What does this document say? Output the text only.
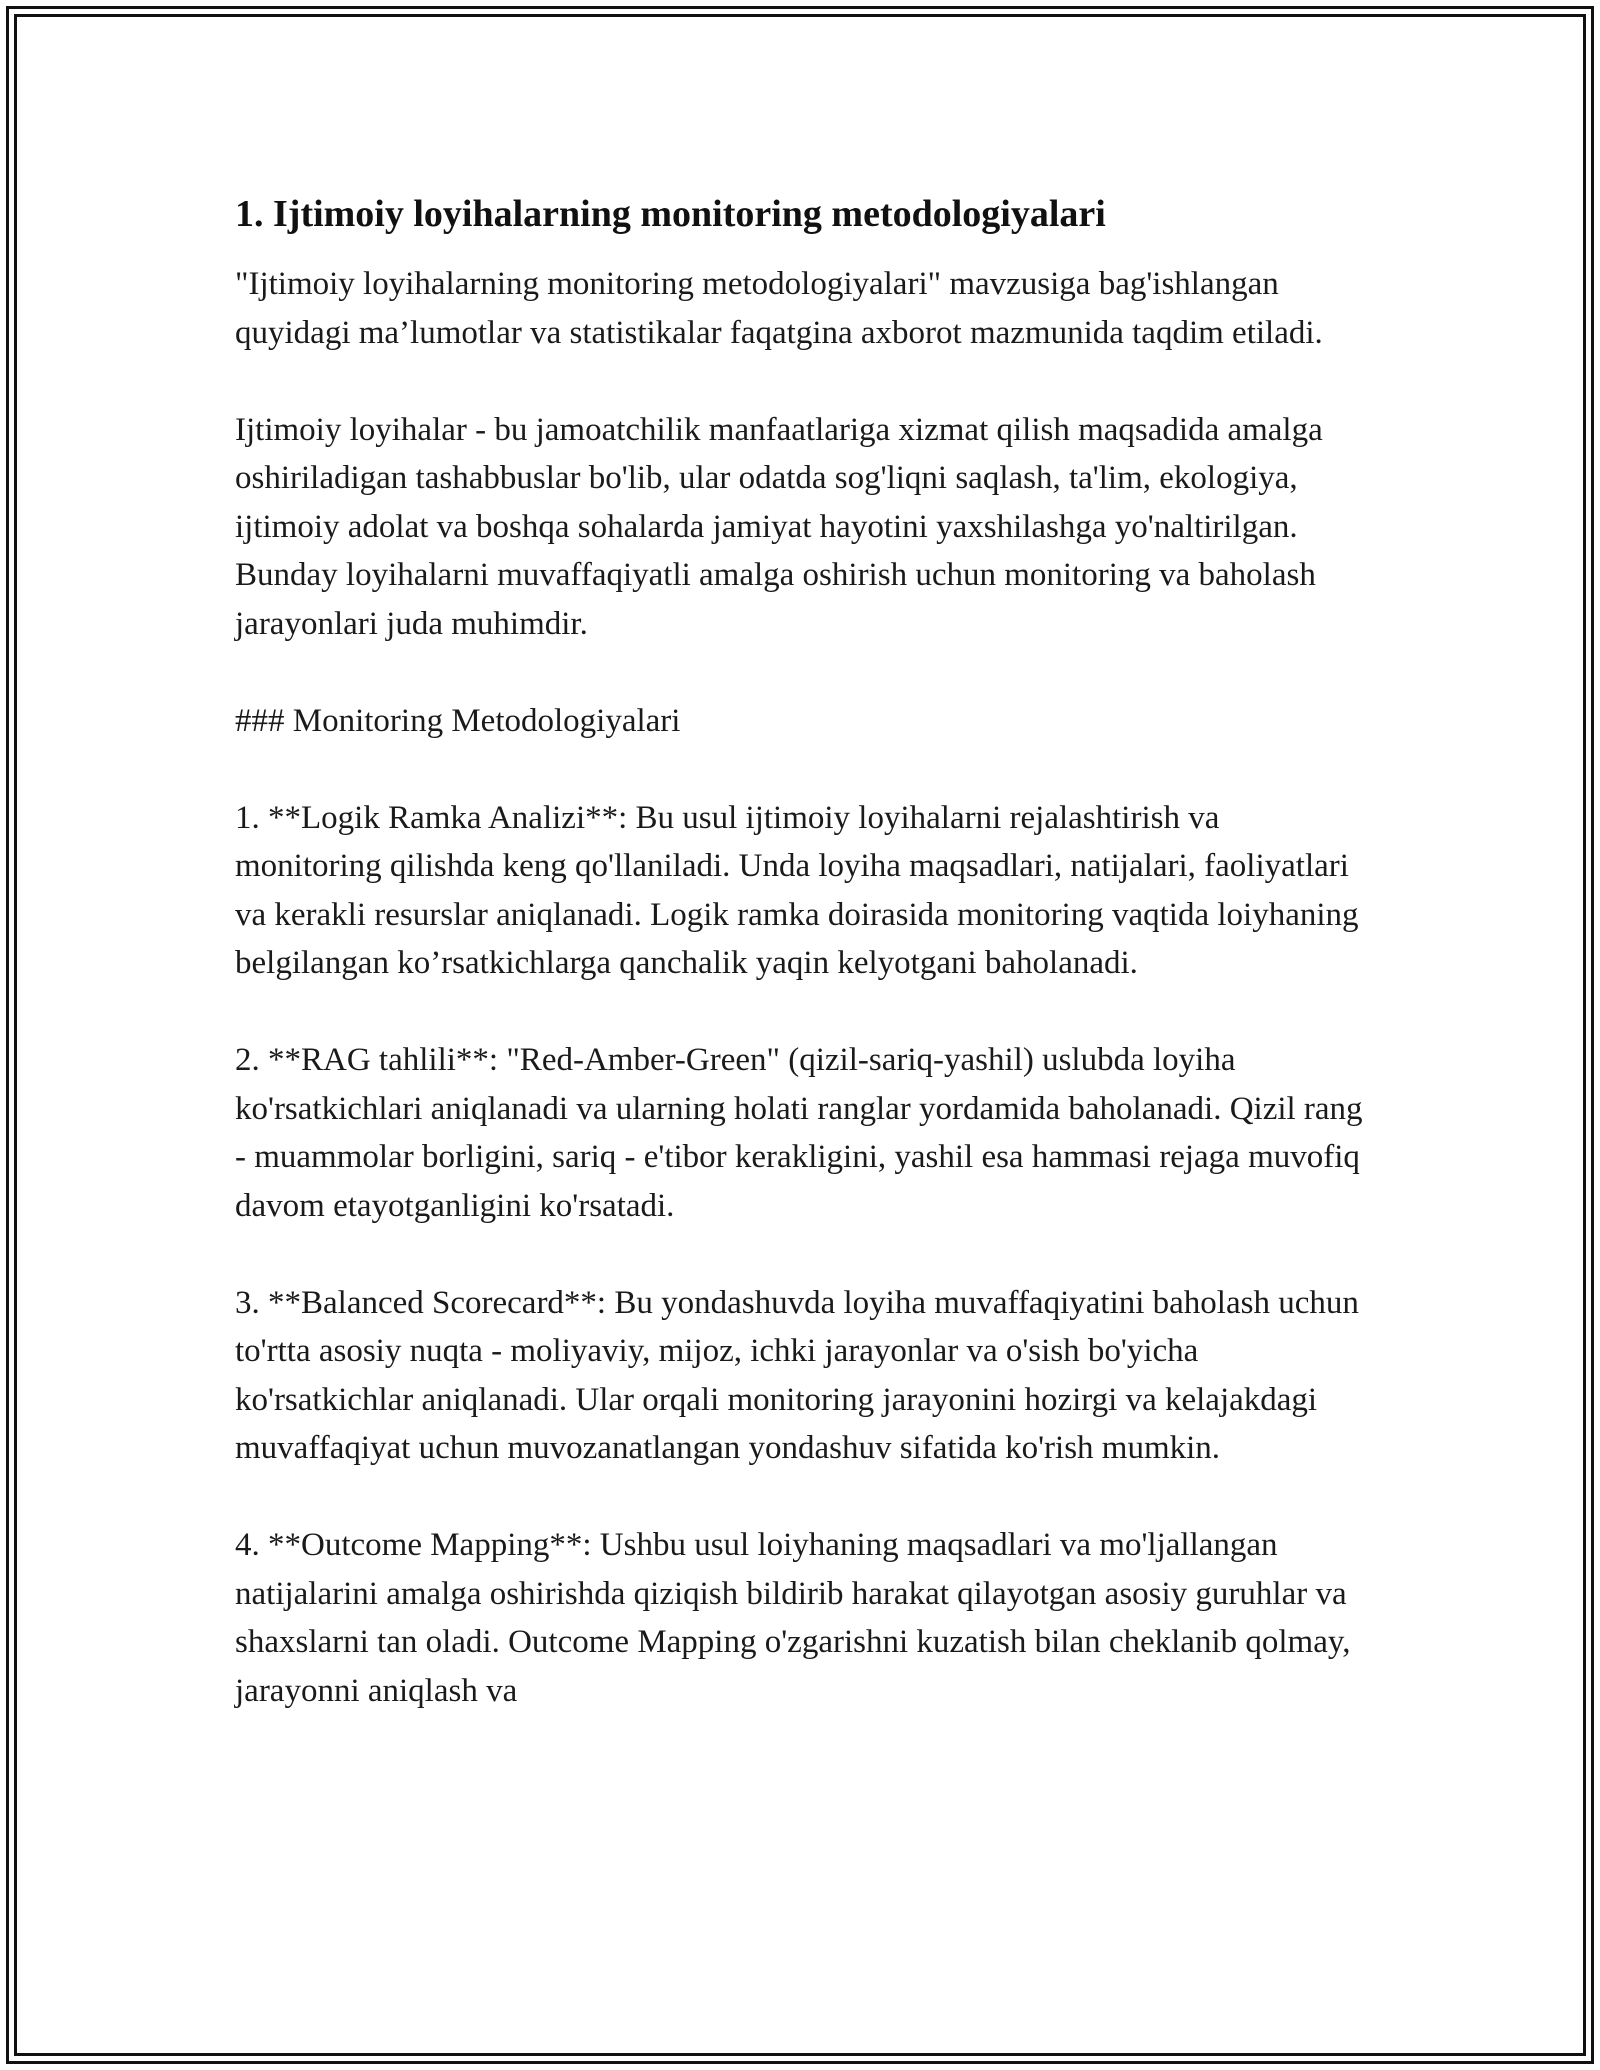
1. Ijtimoiy loyihalarning monitoring metodologiyalari

"Ijtimoiy loyihalarning monitoring metodologiyalari" mavzusiga bag'ishlangan quyidagi ma’lumotlar va statistikalar faqatgina axborot mazmunida taqdim etiladi.

Ijtimoiy loyihalar - bu jamoatchilik manfaatlariga xizmat qilish maqsadida amalga oshiriladigan tashabbuslar bo'lib, ular odatda sog'liqni saqlash, ta'lim, ekologiya, ijtimoiy adolat va boshqa sohalarda jamiyat hayotini yaxshilashga yo'naltirilgan. Bunday loyihalarni muvaffaqiyatli amalga oshirish uchun monitoring va baholash jarayonlari juda muhimdir.

### Monitoring Metodologiyalari

1. **Logik Ramka Analizi**: Bu usul ijtimoiy loyihalarni rejalashtirish va monitoring qilishda keng qo'llaniladi. Unda loyiha maqsadlari, natijalari, faoliyatlari va kerakli resurslar aniqlanadi. Logik ramka doirasida monitoring vaqtida loiyhaning belgilangan ko’rsatkichlarga qanchalik yaqin kelyotgani baholanadi.

2. **RAG tahlili**: "Red-Amber-Green" (qizil-sariq-yashil) uslubda loyiha ko'rsatkichlari aniqlanadi va ularning holati ranglar yordamida baholanadi. Qizil rang - muammolar borligini, sariq - e'tibor kerakligini, yashil esa hammasi rejaga muvofiq davom etayotganligini ko'rsatadi.

3. **Balanced Scorecard**: Bu yondashuvda loyiha muvaffaqiyatini baholash uchun to'rtta asosiy nuqta - moliyaviy, mijoz, ichki jarayonlar va o'sish bo'yicha ko'rsatkichlar aniqlanadi. Ular orqali monitoring jarayonini hozirgi va kelajakdagi muvaffaqiyat uchun muvozanatlangan yondashuv sifatida ko'rish mumkin.

4. **Outcome Mapping**: Ushbu usul loiyhaning maqsadlari va mo'ljallangan natijalarini amalga oshirishda qiziqish bildirib harakat qilayotgan asosiy guruhlar va shaxslarni tan oladi. Outcome Mapping o'zgarishni kuzatish bilan cheklanib qolmay, jarayonni aniqlash va
